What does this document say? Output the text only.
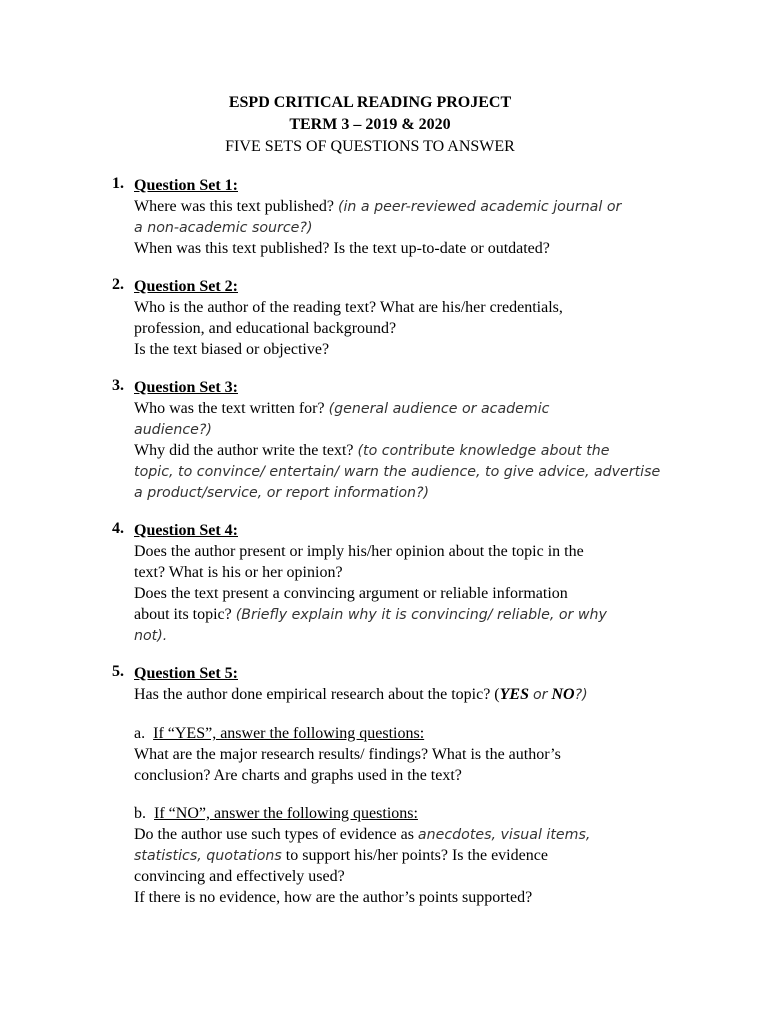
ESPD CRITICAL READING PROJECT
TERM 3 – 2019 & 2020
FIVE SETS OF QUESTIONS TO ANSWER
1. Question Set 1:
Where was this text published? (in a peer-reviewed academic journal or
a non-academic source?)
When was this text published? Is the text up-to-date or outdated?
2. Question Set 2:
Who is the author of the reading text? What are his/her credentials,
profession, and educational background?
Is the text biased or objective?
3. Question Set 3:
Who was the text written for? (general audience or academic
audience?)
Why did the author write the text? (to contribute knowledge about the
topic, to convince/ entertain/ warn the audience, to give advice, advertise
a product/service, or report information?)
4. Question Set 4:
Does the author present or imply his/her opinion about the topic in the
text? What is his or her opinion?
Does the text present a convincing argument or reliable information
about its topic? (Briefly explain why it is convincing/ reliable, or why
not).
5. Question Set 5:
Has the author done empirical research about the topic? (YES or NO?)
a. If “YES”, answer the following questions:
What are the major research results/ findings? What is the author’s
conclusion? Are charts and graphs used in the text?
b. If “NO”, answer the following questions:
Do the author use such types of evidence as anecdotes, visual items,
statistics, quotations to support his/her points? Is the evidence
convincing and effectively used?
If there is no evidence, how are the author’s points supported?
